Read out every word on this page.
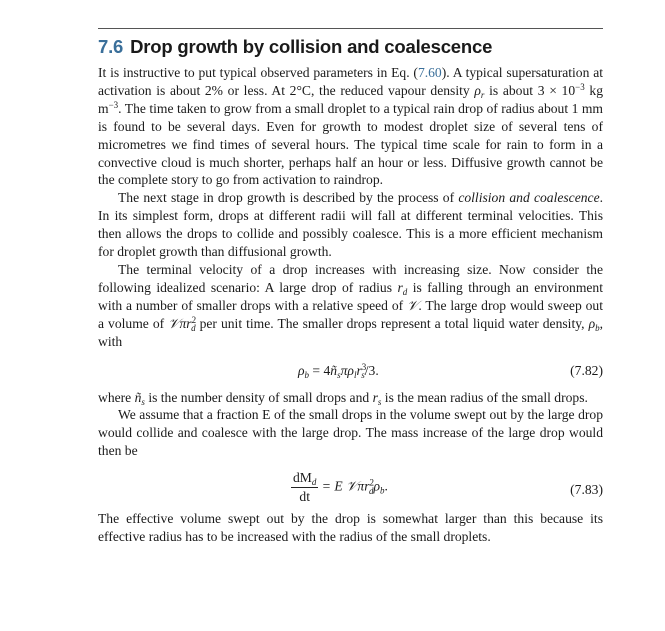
7.6 Drop growth by collision and coalescence

It is instructive to put typical observed parameters in Eq. (7.60). A typical supersaturation at activation is about 2% or less. At 2°C, the reduced vapour density $\rho_r$ is about $3 \times 10^{-3}$ kg $m^{-3}$. The time taken to grow from a small droplet to a typical rain drop of radius about 1 mm is found to be several days. Even for growth to modest droplet size of several tens of micrometres we find times of several hours. The typical time scale for rain to form in a convective cloud is much shorter, perhaps half an hour or less. Diffusive growth cannot be the complete story to go from activation to raindrop.

The next stage in drop growth is described by the process of collision and coalescence. In its simplest form, drops at different radii will fall at different terminal velocities. This then allows the drops to collide and possibly coalesce. This is a more efficient mechanism for droplet growth than diffusional growth.

The terminal velocity of a drop increases with increasing size. Now consider the following idealized scenario: A large drop of radius $r_d$ is falling through an environment with a number of smaller drops with a relative speed of 𝒱. The large drop would sweep out a volume of 𝒱πr$^2_d$ per unit time. The smaller drops represent a total liquid water density, $\rho_b$, with

$\rho_b$ = $4ñ_s\pi\rho_lr^3_s/3$.	(7.82)

where $ñ_s$ is the number density of small drops and $r_s$ is the mean radius of the small drops.

We assume that a fraction E of the small drops in the volume swept out by the large drop would collide and coalesce with the large drop. The mass increase of the large drop would then be

$\frac{dM_d}{dt} = E$ $𝒱\pi r^2_d\rho_b$.	(7.83)

The effective volume swept out by the drop is somewhat larger than this because its effective radius has to be increased with the radius of the small droplets.
